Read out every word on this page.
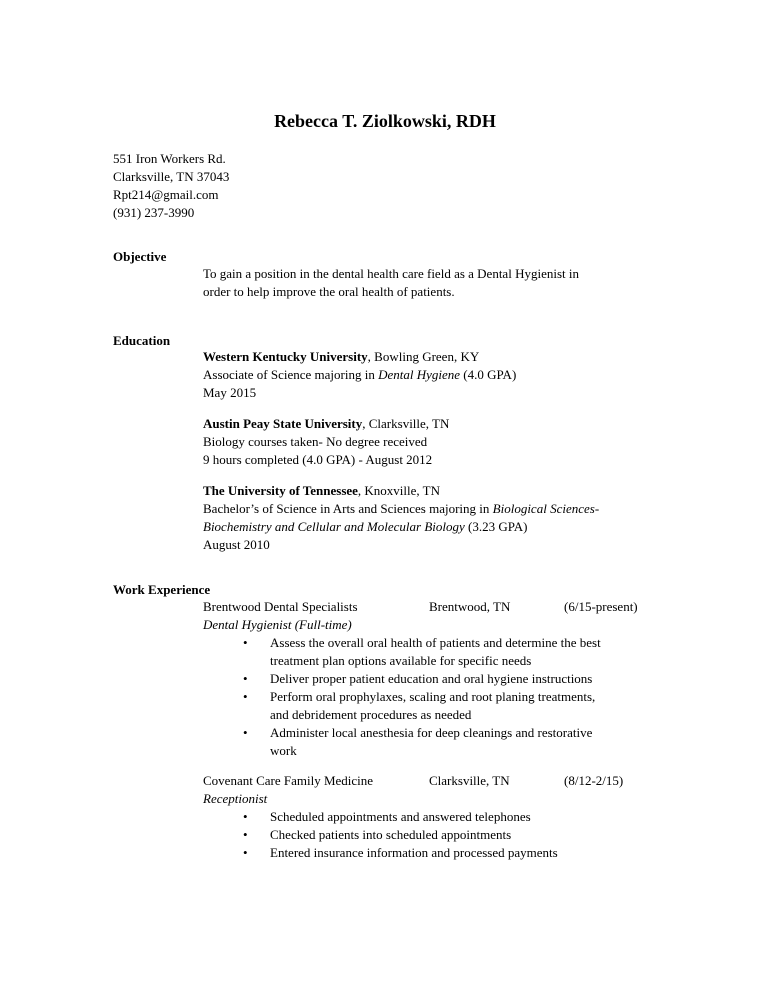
Rebecca T. Ziolkowski, RDH
551 Iron Workers Rd.
Clarksville, TN 37043
Rpt214@gmail.com
(931) 237-3990
Objective
To gain a position in the dental health care field as a Dental Hygienist in
order to help improve the oral health of patients.
Education
Western Kentucky University, Bowling Green, KY
Associate of Science majoring in Dental Hygiene (4.0 GPA)
May 2015
Austin Peay State University, Clarksville, TN
Biology courses taken- No degree received
9 hours completed (4.0 GPA) - August 2012
The University of Tennessee, Knoxville, TN
Bachelor’s of Science in Arts and Sciences majoring in Biological Sciences-
Biochemistry and Cellular and Molecular Biology (3.23 GPA)
August 2010
Work Experience
Brentwood Dental Specialists	Brentwood, TN	(6/15-present)
Dental Hygienist (Full-time)
• Assess the overall oral health of patients and determine the best
treatment plan options available for specific needs
• Deliver proper patient education and oral hygiene instructions
• Perform oral prophylaxes, scaling and root planing treatments,
and debridement procedures as needed
• Administer local anesthesia for deep cleanings and restorative
work
Covenant Care Family Medicine	Clarksville, TN	(8/12-2/15)
Receptionist
• Scheduled appointments and answered telephones
• Checked patients into scheduled appointments
• Entered insurance information and processed payments
